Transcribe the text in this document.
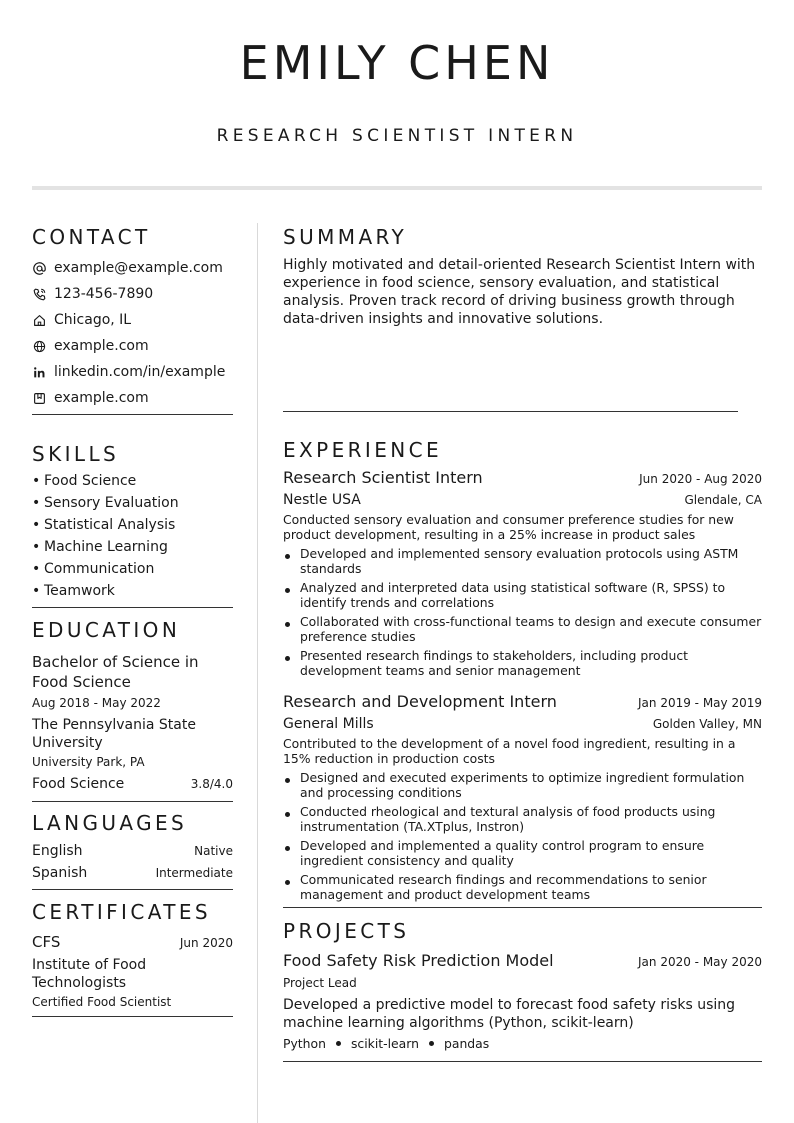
EMILY CHEN
RESEARCH SCIENTIST INTERN
CONTACT
example@example.com
123-456-7890
Chicago, IL
example.com
linkedin.com/in/example
example.com
SKILLS
• Food Science
• Sensory Evaluation
• Statistical Analysis
• Machine Learning
• Communication
• Teamwork
EDUCATION
Bachelor of Science in Food Science
Aug 2018 - May 2022
The Pennsylvania State University
University Park, PA
Food Science	3.8/4.0
LANGUAGES
English	Native
Spanish	Intermediate
CERTIFICATES
CFS	Jun 2020
Institute of Food Technologists
Certified Food Scientist
SUMMARY
Highly motivated and detail-oriented Research Scientist Intern with experience in food science, sensory evaluation, and statistical analysis. Proven track record of driving business growth through data-driven insights and innovative solutions.
EXPERIENCE
Research Scientist Intern	Jun 2020 - Aug 2020
Nestle USA	Glendale, CA
Conducted sensory evaluation and consumer preference studies for new product development, resulting in a 25% increase in product sales
Developed and implemented sensory evaluation protocols using ASTM standards
Analyzed and interpreted data using statistical software (R, SPSS) to identify trends and correlations
Collaborated with cross-functional teams to design and execute consumer preference studies
Presented research findings to stakeholders, including product development teams and senior management
Research and Development Intern	Jan 2019 - May 2019
General Mills	Golden Valley, MN
Contributed to the development of a novel food ingredient, resulting in a 15% reduction in production costs
Designed and executed experiments to optimize ingredient formulation and processing conditions
Conducted rheological and textural analysis of food products using instrumentation (TA.XTplus, Instron)
Developed and implemented a quality control program to ensure ingredient consistency and quality
Communicated research findings and recommendations to senior management and product development teams
PROJECTS
Food Safety Risk Prediction Model	Jan 2020 - May 2020
Project Lead
Developed a predictive model to forecast food safety risks using machine learning algorithms (Python, scikit-learn)
Python scikit-learn pandas
